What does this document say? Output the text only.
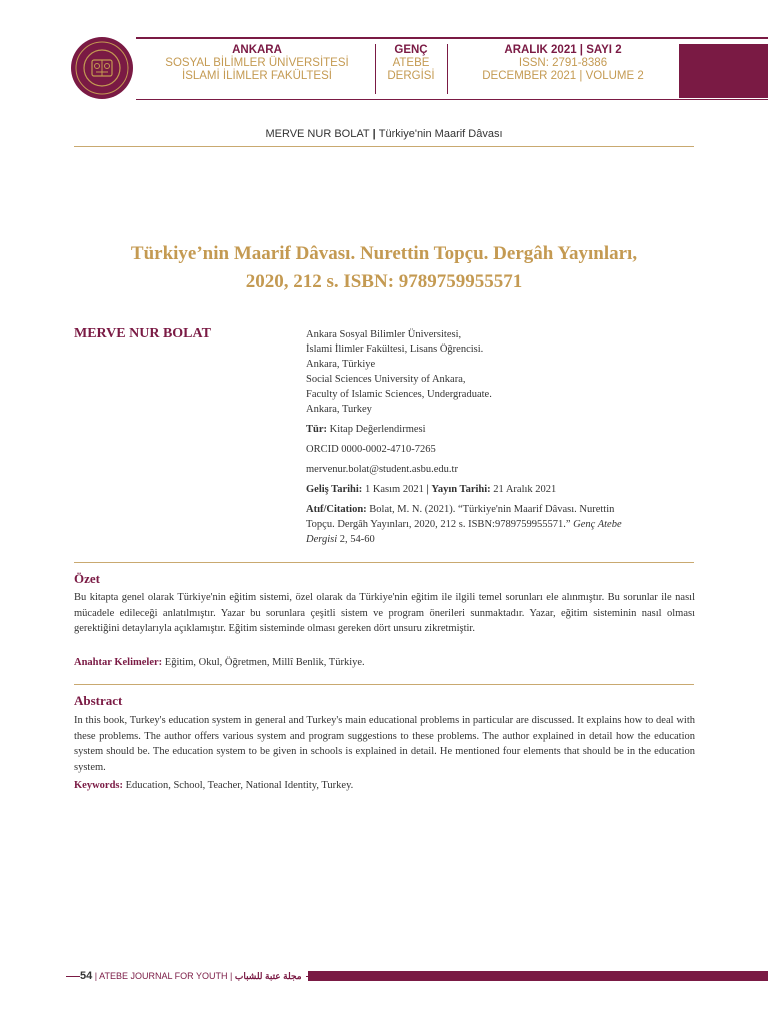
ANKARA
SOSYAL BİLİMLER ÜNİVERSİTESİ
İSLAMİ İLİMLER FAKÜLTESİ
GENÇ
ATEBE
DERGİSİ
ARALIK 2021 | SAYI 2
ISSN: 2791-8386
DECEMBER 2021 | VOLUME 2
MERVE NUR BOLAT | Türkiye'nin Maarif Dâvası
Türkiye’nin Maarif Dâvası. Nurettin Topçu. Dergâh Yayınları,
2020, 212 s. ISBN: 9789759955571
MERVE NUR BOLAT	Ankara Sosyal Bilimler Üniversitesi,
İslami İlimler Fakültesi, Lisans Öğrencisi.
Ankara, Türkiye
Social Sciences University of Ankara,
Faculty of Islamic Sciences, Undergraduate.
Ankara, Turkey
Tür: Kitap Değerlendirmesi
ORCID 0000-0002-4710-7265
mervenur.bolat@student.asbu.edu.tr
Geliş Tarihi: 1 Kasım 2021 | Yayın Tarihi: 21 Aralık 2021
Atıf/Citation: Bolat, M. N. (2021). “Türkiye'nin Maarif Dâvası. Nurettin
Topçu. Dergâh Yayınları, 2020, 212 s. ISBN:9789759955571.” Genç Atebe
Dergisi 2, 54-60
Özet
Bu kitapta genel olarak Türkiye'nin eğitim sistemi, özel olarak da Türkiye'nin eğitim ile ilgili temel sorunları ele alınmıştır. Bu sorunlar ile nasıl mücadele edileceği anlatılmıştır. Yazar bu sorunlara çeşitli sistem ve program önerileri sunmaktadır. Yazar, eğitim sisteminin nasıl olması gerektiğini detaylarıyla açıklamıştır. Eğitim sisteminde olması gereken dört unsuru zikretmiştir.
Anahtar Kelimeler: Eğitim, Okul, Öğretmen, Millî Benlik, Türkiye.
Abstract
In this book, Turkey's education system in general and Turkey's main educational problems in particular are discussed. It explains how to deal with these problems. The author offers various system and program suggestions to these problems. The author explained in detail how the education system should be. The education system to be given in schools is explained in detail. He mentioned four elements that should be in the education system.
Keywords: Education, School, Teacher, National Identity, Turkey.
54 | ATEBE JOURNAL FOR YOUTH | مجلة عتبة للشباب
